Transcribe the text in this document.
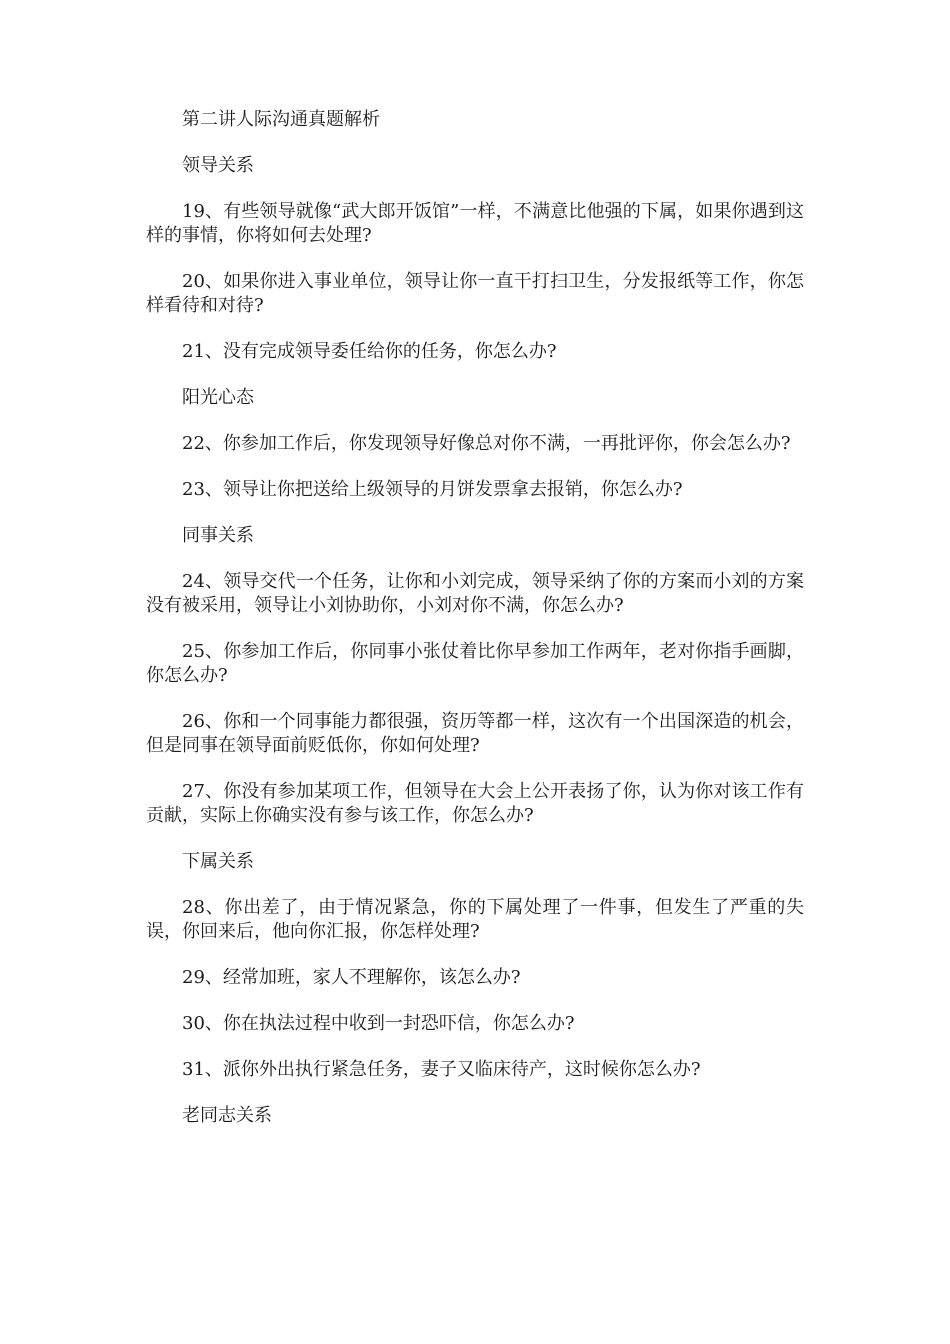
第二讲人际沟通真题解析

领导关系

19、有些领导就像“武大郎开饭馆”一样，不满意比他强的下属，如果你遇到这样的事情，你将如何去处理?

20、如果你进入事业单位，领导让你一直干打扫卫生，分发报纸等工作，你怎样看待和对待?

21、没有完成领导委任给你的任务，你怎么办?

阳光心态

22、你参加工作后，你发现领导好像总对你不满，一再批评你，你会怎么办?

23、领导让你把送给上级领导的月饼发票拿去报销，你怎么办?

同事关系

24、领导交代一个任务，让你和小刘完成，领导采纳了你的方案而小刘的方案没有被采用，领导让小刘协助你，小刘对你不满，你怎么办?

25、你参加工作后，你同事小张仗着比你早参加工作两年，老对你指手画脚，你怎么办?

26、你和一个同事能力都很强，资历等都一样，这次有一个出国深造的机会，但是同事在领导面前贬低你，你如何处理?

27、你没有参加某项工作，但领导在大会上公开表扬了你，认为你对该工作有贡献，实际上你确实没有参与该工作，你怎么办?

下属关系

28、你出差了，由于情况紧急，你的下属处理了一件事，但发生了严重的失误，你回来后，他向你汇报，你怎样处理?

29、经常加班，家人不理解你，该怎么办?

30、你在执法过程中收到一封恐吓信，你怎么办?

31、派你外出执行紧急任务，妻子又临床待产，这时候你怎么办?

老同志关系
